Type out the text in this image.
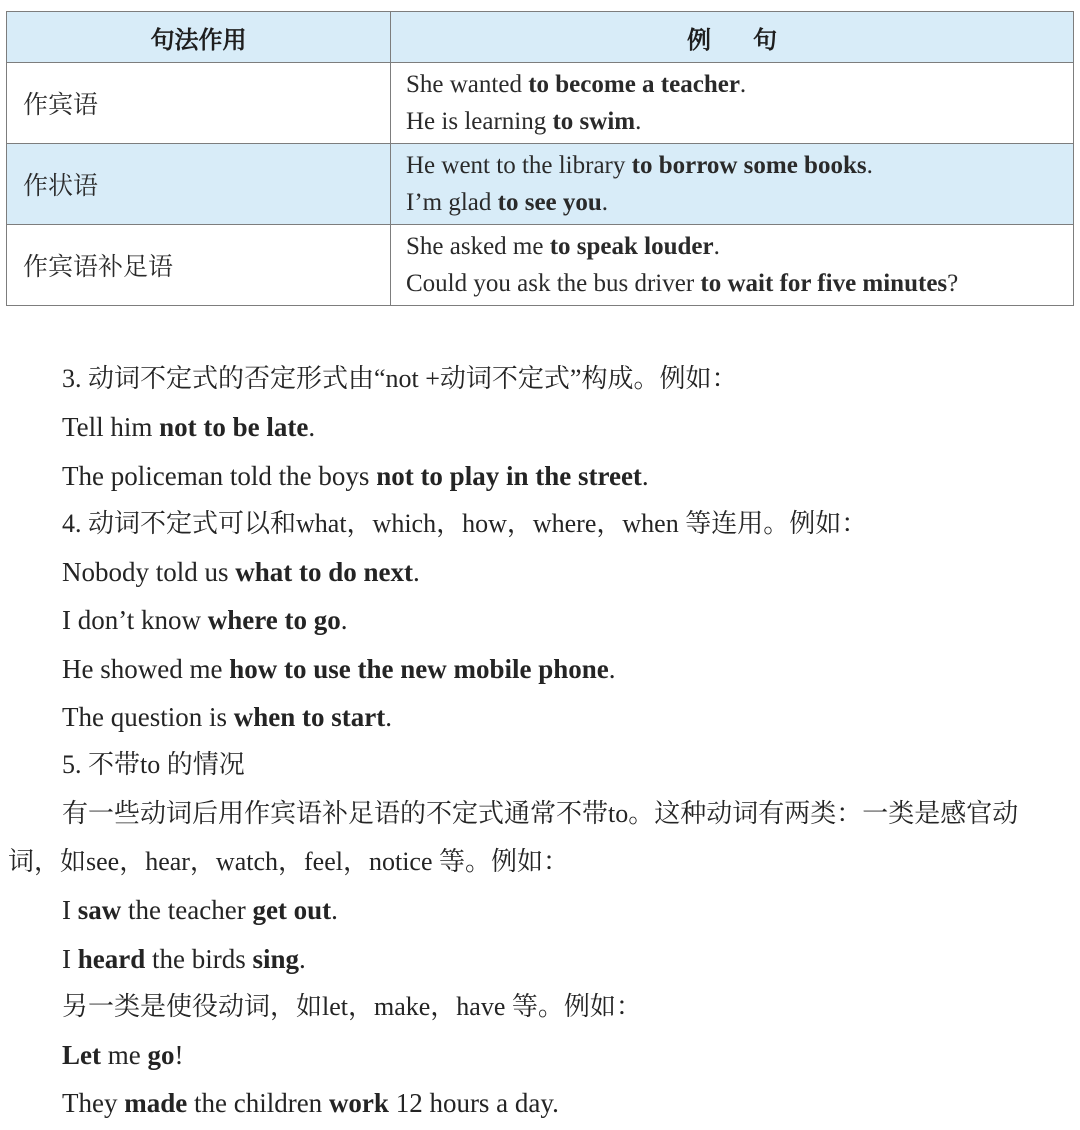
句法作用	例 句
作宾语	She wanted to become a teacher.
He is learning to swim.

作状语	He went to the library to borrow some books.
I’m glad to see you.

作宾语补足语	She asked me to speak louder.
Could you ask the bus driver to wait for five minutes?
3. 动词不定式的否定形式由“not +动词不定式”构成。例如：
Tell him not to be late.
The policeman told the boys not to play in the street.
4. 动词不定式可以和what，which，how，where，when 等连用。例如：
Nobody told us what to do next.
I don’t know where to go.
He showed me how to use the new mobile phone.
The question is when to start.
5. 不带to 的情况
有一些动词后用作宾语补足语的不定式通常不带to。这种动词有两类：一类是感官动
词，如see，hear，watch，feel，notice 等。例如：
I saw the teacher get out.
I heard the birds sing.
另一类是使役动词，如let，make，have 等。例如：
Let me go!
They made the children work 12 hours a day.
